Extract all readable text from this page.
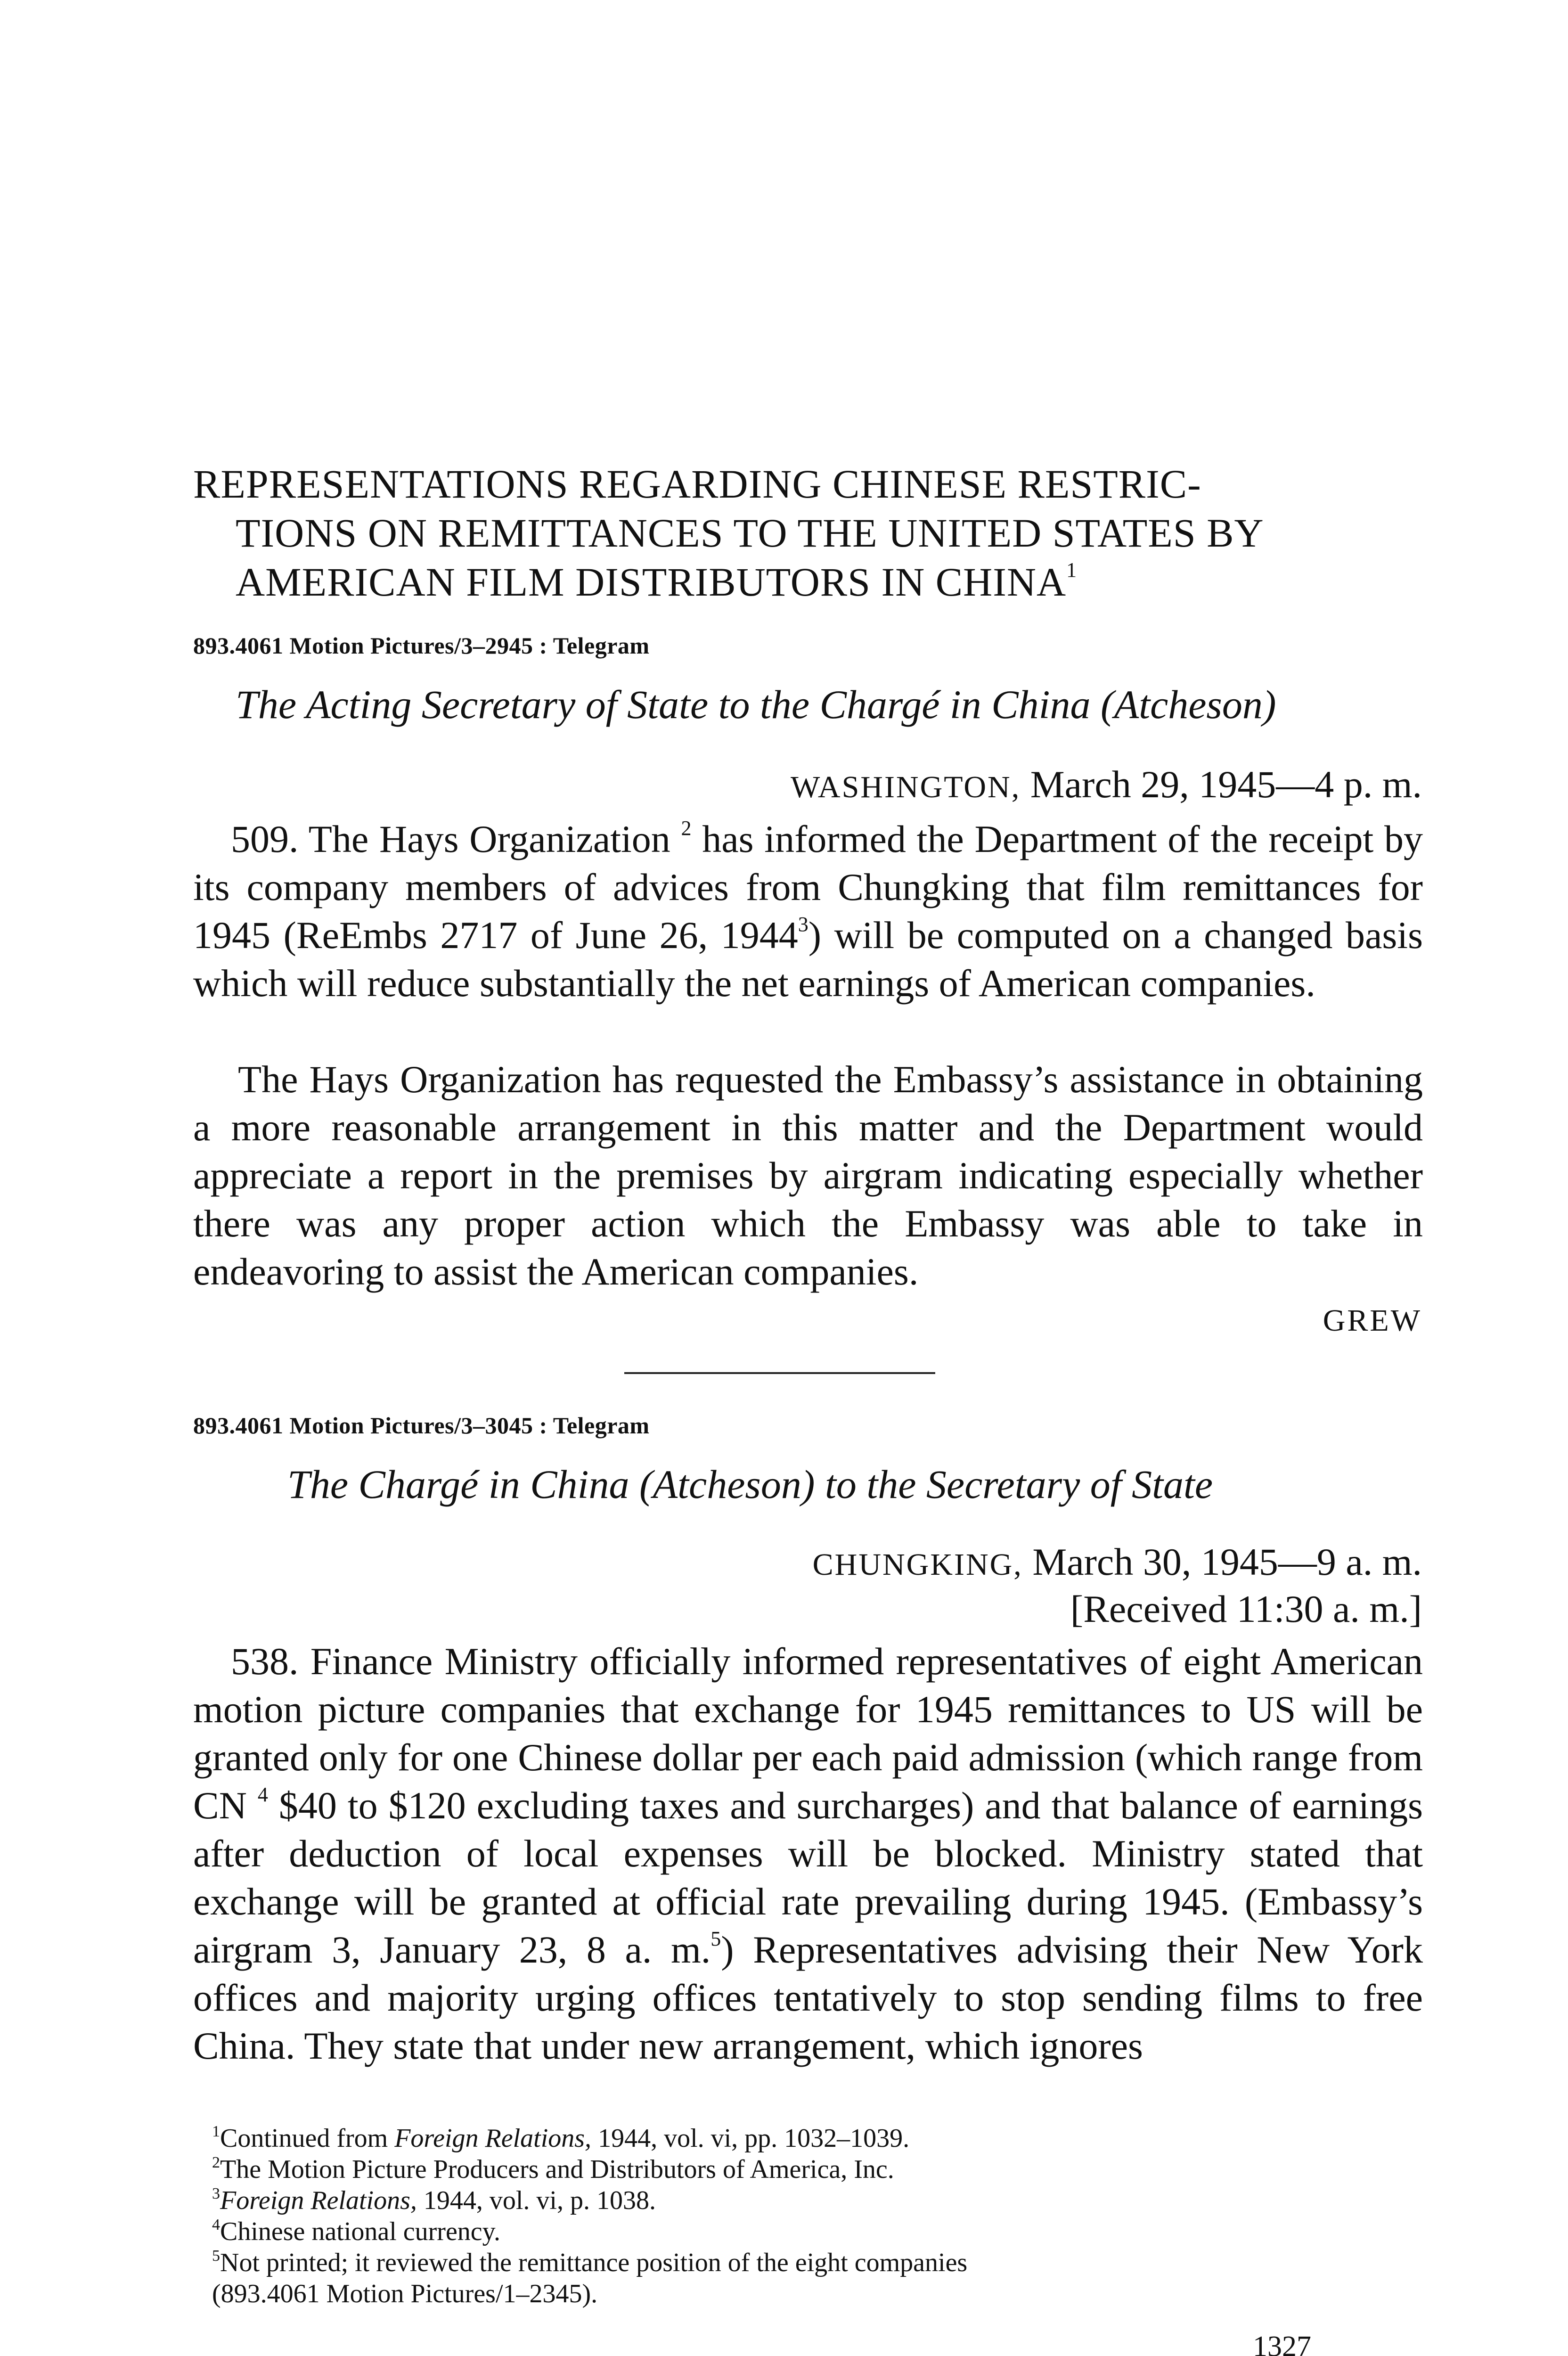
REPRESENTATIONS REGARDING CHINESE RESTRIC-
TIONS ON REMITTANCES TO THE UNITED STATES BY
AMERICAN FILM DISTRIBUTORS IN CHINA$^1$
893.4061 Motion Pictures/3–2945 : Telegram
The Acting Secretary of State to the Chargé in China (Atcheson)
WASHINGTON, March 29, 1945—4 p. m.

509. The Hays Organization $^2$ has informed the Department of the receipt by its company members of advices from Chungking that film remittances for 1945 (ReEmbs 2717 of June 26, 1944$^3$) will be computed on a changed basis which will reduce substantially the net earnings of American companies.

The Hays Organization has requested the Embassy’s assistance in obtaining a more reasonable arrangement in this matter and the Department would appreciate a report in the premises by airgram indicating especially whether there was any proper action which the Embassy was able to take in endeavoring to assist the American companies.

GREW
893.4061 Motion Pictures/3–3045 : Telegram
The Chargé in China (Atcheson) to the Secretary of State
CHUNGKING, March 30, 1945—9 a. m.
[Received 11:30 a. m.]

538. Finance Ministry officially informed representatives of eight American motion picture companies that exchange for 1945 remittances to US will be granted only for one Chinese dollar per each paid admission (which range from CN $^4$ $40 to $120 excluding taxes and surcharges) and that balance of earnings after deduction of local expenses will be blocked. Ministry stated that exchange will be granted at official rate prevailing during 1945. (Embassy’s airgram 3, January 23, 8 a. m.$^5$) Representatives advising their New York offices and majority urging offices tentatively to stop sending films to free China. They state that under new arrangement, which ignores

$^1$Continued from Foreign Relations, 1944, vol. vi, pp. 1032–1039.

$^2$The Motion Picture Producers and Distributors of America, Inc.

$^3$Foreign Relations, 1944, vol. vi, p. 1038.

$^4$Chinese national currency.

$^5$Not printed; it reviewed the remittance position of the eight companies

(893.4061 Motion Pictures/1–2345).

1327
